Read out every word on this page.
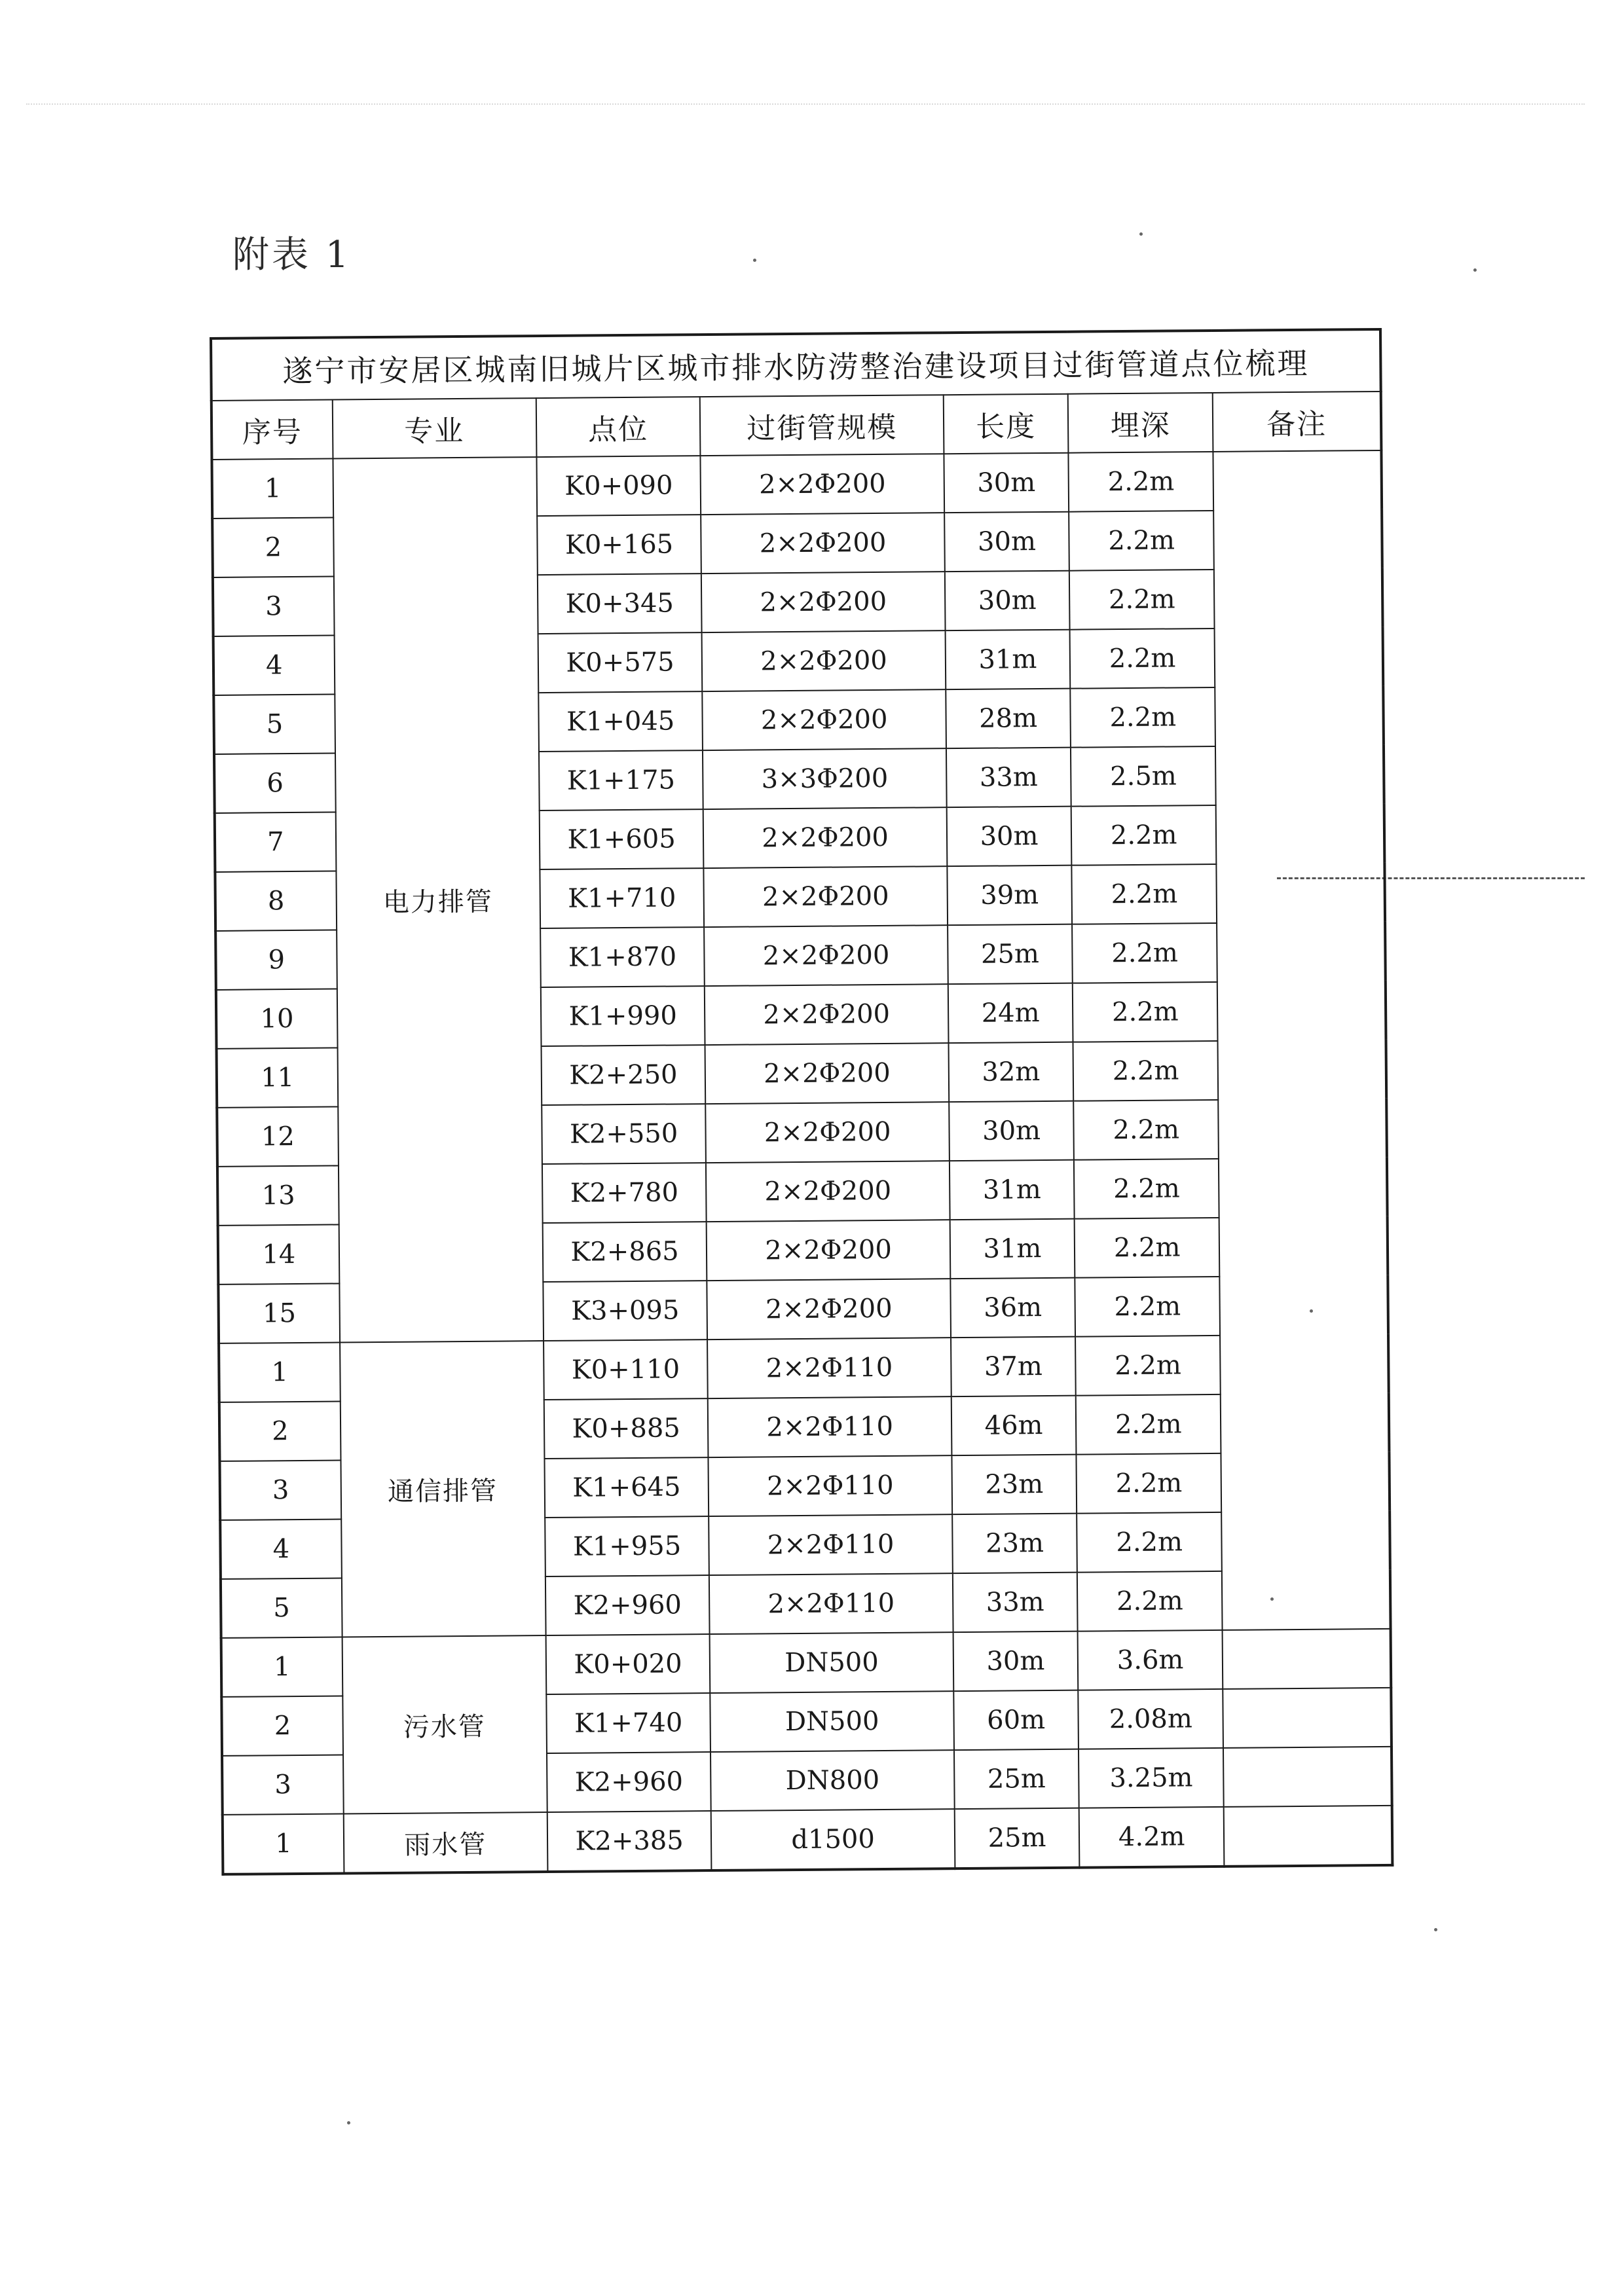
附表 1
遂宁市安居区城南旧城片区城市排水防涝整治建设项目过街管道点位梳理						
序号	专业	点位	过街管规模	长度	埋深	备注
1	电力排管	K0+090	2×2Φ200	30m	2.2m	
2		K0+165	2×2Φ200	30m	2.2m	
3		K0+345	2×2Φ200	30m	2.2m	
4		K0+575	2×2Φ200	31m	2.2m	
5		K1+045	2×2Φ200	28m	2.2m	
6		K1+175	3×3Φ200	33m	2.5m	
7		K1+605	2×2Φ200	30m	2.2m	
8		K1+710	2×2Φ200	39m	2.2m	
9		K1+870	2×2Φ200	25m	2.2m	
10		K1+990	2×2Φ200	24m	2.2m	
11		K2+250	2×2Φ200	32m	2.2m	
12		K2+550	2×2Φ200	30m	2.2m	
13		K2+780	2×2Φ200	31m	2.2m	
14		K2+865	2×2Φ200	31m	2.2m	
15		K3+095	2×2Φ200	36m	2.2m	
1	通信排管	K0+110	2×2Φ110	37m	2.2m	
2		K0+885	2×2Φ110	46m	2.2m	
3		K1+645	2×2Φ110	23m	2.2m	
4		K1+955	2×2Φ110	23m	2.2m	
5		K2+960	2×2Φ110	33m	2.2m	
1	污水管	K0+020	DN500	30m	3.6m	
2		K1+740	DN500	60m	2.08m	
3		K2+960	DN800	25m	3.25m	
1	雨水管	K2+385	d1500	25m	4.2m	
